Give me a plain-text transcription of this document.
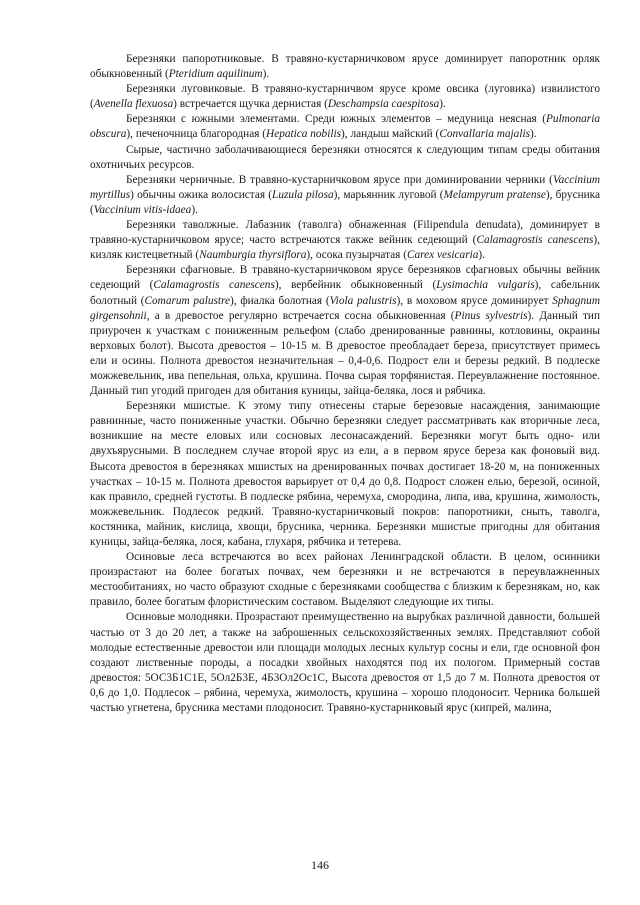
Березняки папоротниковые. В травяно-кустарничковом ярусе доминирует папоротник орляк обыкновенный (Pteridium aquilinum).

Березняки луговиковые. В травяно-кустарничвом ярусе кроме овсика (луговика) извилистого (Avenella flexuosa) встречается щучка дернистая (Deschampsia caespitosa).

Березняки с южными элементами. Среди южных элементов – медуница неясная (Pulmonaria obscura), печеночница благородная (Hepatica nobilis), ландыш майский (Convallaria majalis).

Сырые, частично заболачивающиеся березняки относятся к следующим типам среды обитания охотничьих ресурсов.

Березняки черничные. В травяно-кустарничковом ярусе при доминировании черники (Vaccinium myrtillus) обычны ожика волосистая (Luzula pilosa), марьянник луговой (Melampyrum pratense), брусника (Vaccinium vitis-idaea).

Березняки таволжные. Лабазник (таволга) обнаженная (Filipendula denudata), доминирует в травяно-кустарничковом ярусе; часто встречаются также вейник седеющий (Calamagrostis canescens), кизляк кистецветный (Naumburgia thyrsiflora), осока пузырчатая (Carex vesicaria).

Березняки сфагновые. В травяно-кустарничковом ярусе березняков сфагновых обычны вейник седеющий (Calamagrostis canescens), вербейник обыкновенный (Lysimachia vulgaris), сабельник болотный (Comarum palustre), фиалка болотная (Viola palustris), в моховом ярусе доминирует Sphagnum girgensohnii, а в древостое регулярно встречается сосна обыкновенная (Pinus sylvestris). Данный тип приурочен к участкам с пониженным рельефом (слабо дренированные равнины, котловины, окраины верховых болот). Высота древостоя – 10-15 м. В древостое преобладает береза, присутствует примесь ели и осины. Полнота древостоя незначительная – 0,4-0,6. Подрост ели и березы редкий. В подлеске можжевельник, ива пепельная, ольха, крушина. Почва сырая торфянистая. Переувлажнение постоянное. Данный тип угодий пригоден для обитания куницы, зайца-беляка, лося и рябчика.

Березняки мшистые. К этому типу отнесены старые березовые насаждения, занимающие равнинные, часто пониженные участки. Обычно березняки следует рассматривать как вторичные леса, возникшие на месте еловых или сосновых лесонасаждений. Березняки могут быть одно- или двухъярусными. В последнем случае второй ярус из ели, а в первом ярусе береза как фоновый вид. Высота древостоя в березняках мшистых на дренированных почвах достигает 18-20 м, на пониженных участках – 10-15 м. Полнота древостоя варьирует от 0,4 до 0,8. Подрост сложен елью, березой, осиной, как правило, средней густоты. В подлеске рябина, черемуха, смородина, липа, ива, крушина, жимолость, можжевельник. Подлесок редкий. Травяно-кустарничковый покров: папоротники, сныть, таволга, костяника, майник, кислица, хвощи, брусника, черника. Березняки мшистые пригодны для обитания куницы, зайца-беляка, лося, кабана, глухаря, рябчика и тетерева.

Осиновые леса встречаются во всех районах Ленинградской области. В целом, осинники произрастают на более богатых почвах, чем березняки и не встречаются в переувлажненных местообитаниях, но часто образуют сходные с березняками сообщества с близким к березнякам, но, как правило, более богатым флористическим составом. Выделяют следующие их типы.

Осиновые молодняки. Прозрастают преимущественно на вырубках различной давности, большей частью от 3 до 20 лет, а также на заброшенных сельскохозяйственных землях. Представляют собой молодые естественные древостои или площади молодых лесных культур сосны и ели, где основной фон создают лиственные породы, а посадки хвойных находятся под их пологом. Примерный состав древостоя: 5ОС3Б1С1Е, 5Ол2Б3Е, 4Б3Ол2Ос1С, Высота древостоя от 1,5 до 7 м. Полнота древостоя от 0,6 до 1,0. Подлесок – рябина, черемуха, жимолость, крушина – хорошо плодоносит. Черника большей частью угнетена, брусника местами плодоносит. Травяно-кустарниковый ярус (кипрей, малина,

146
